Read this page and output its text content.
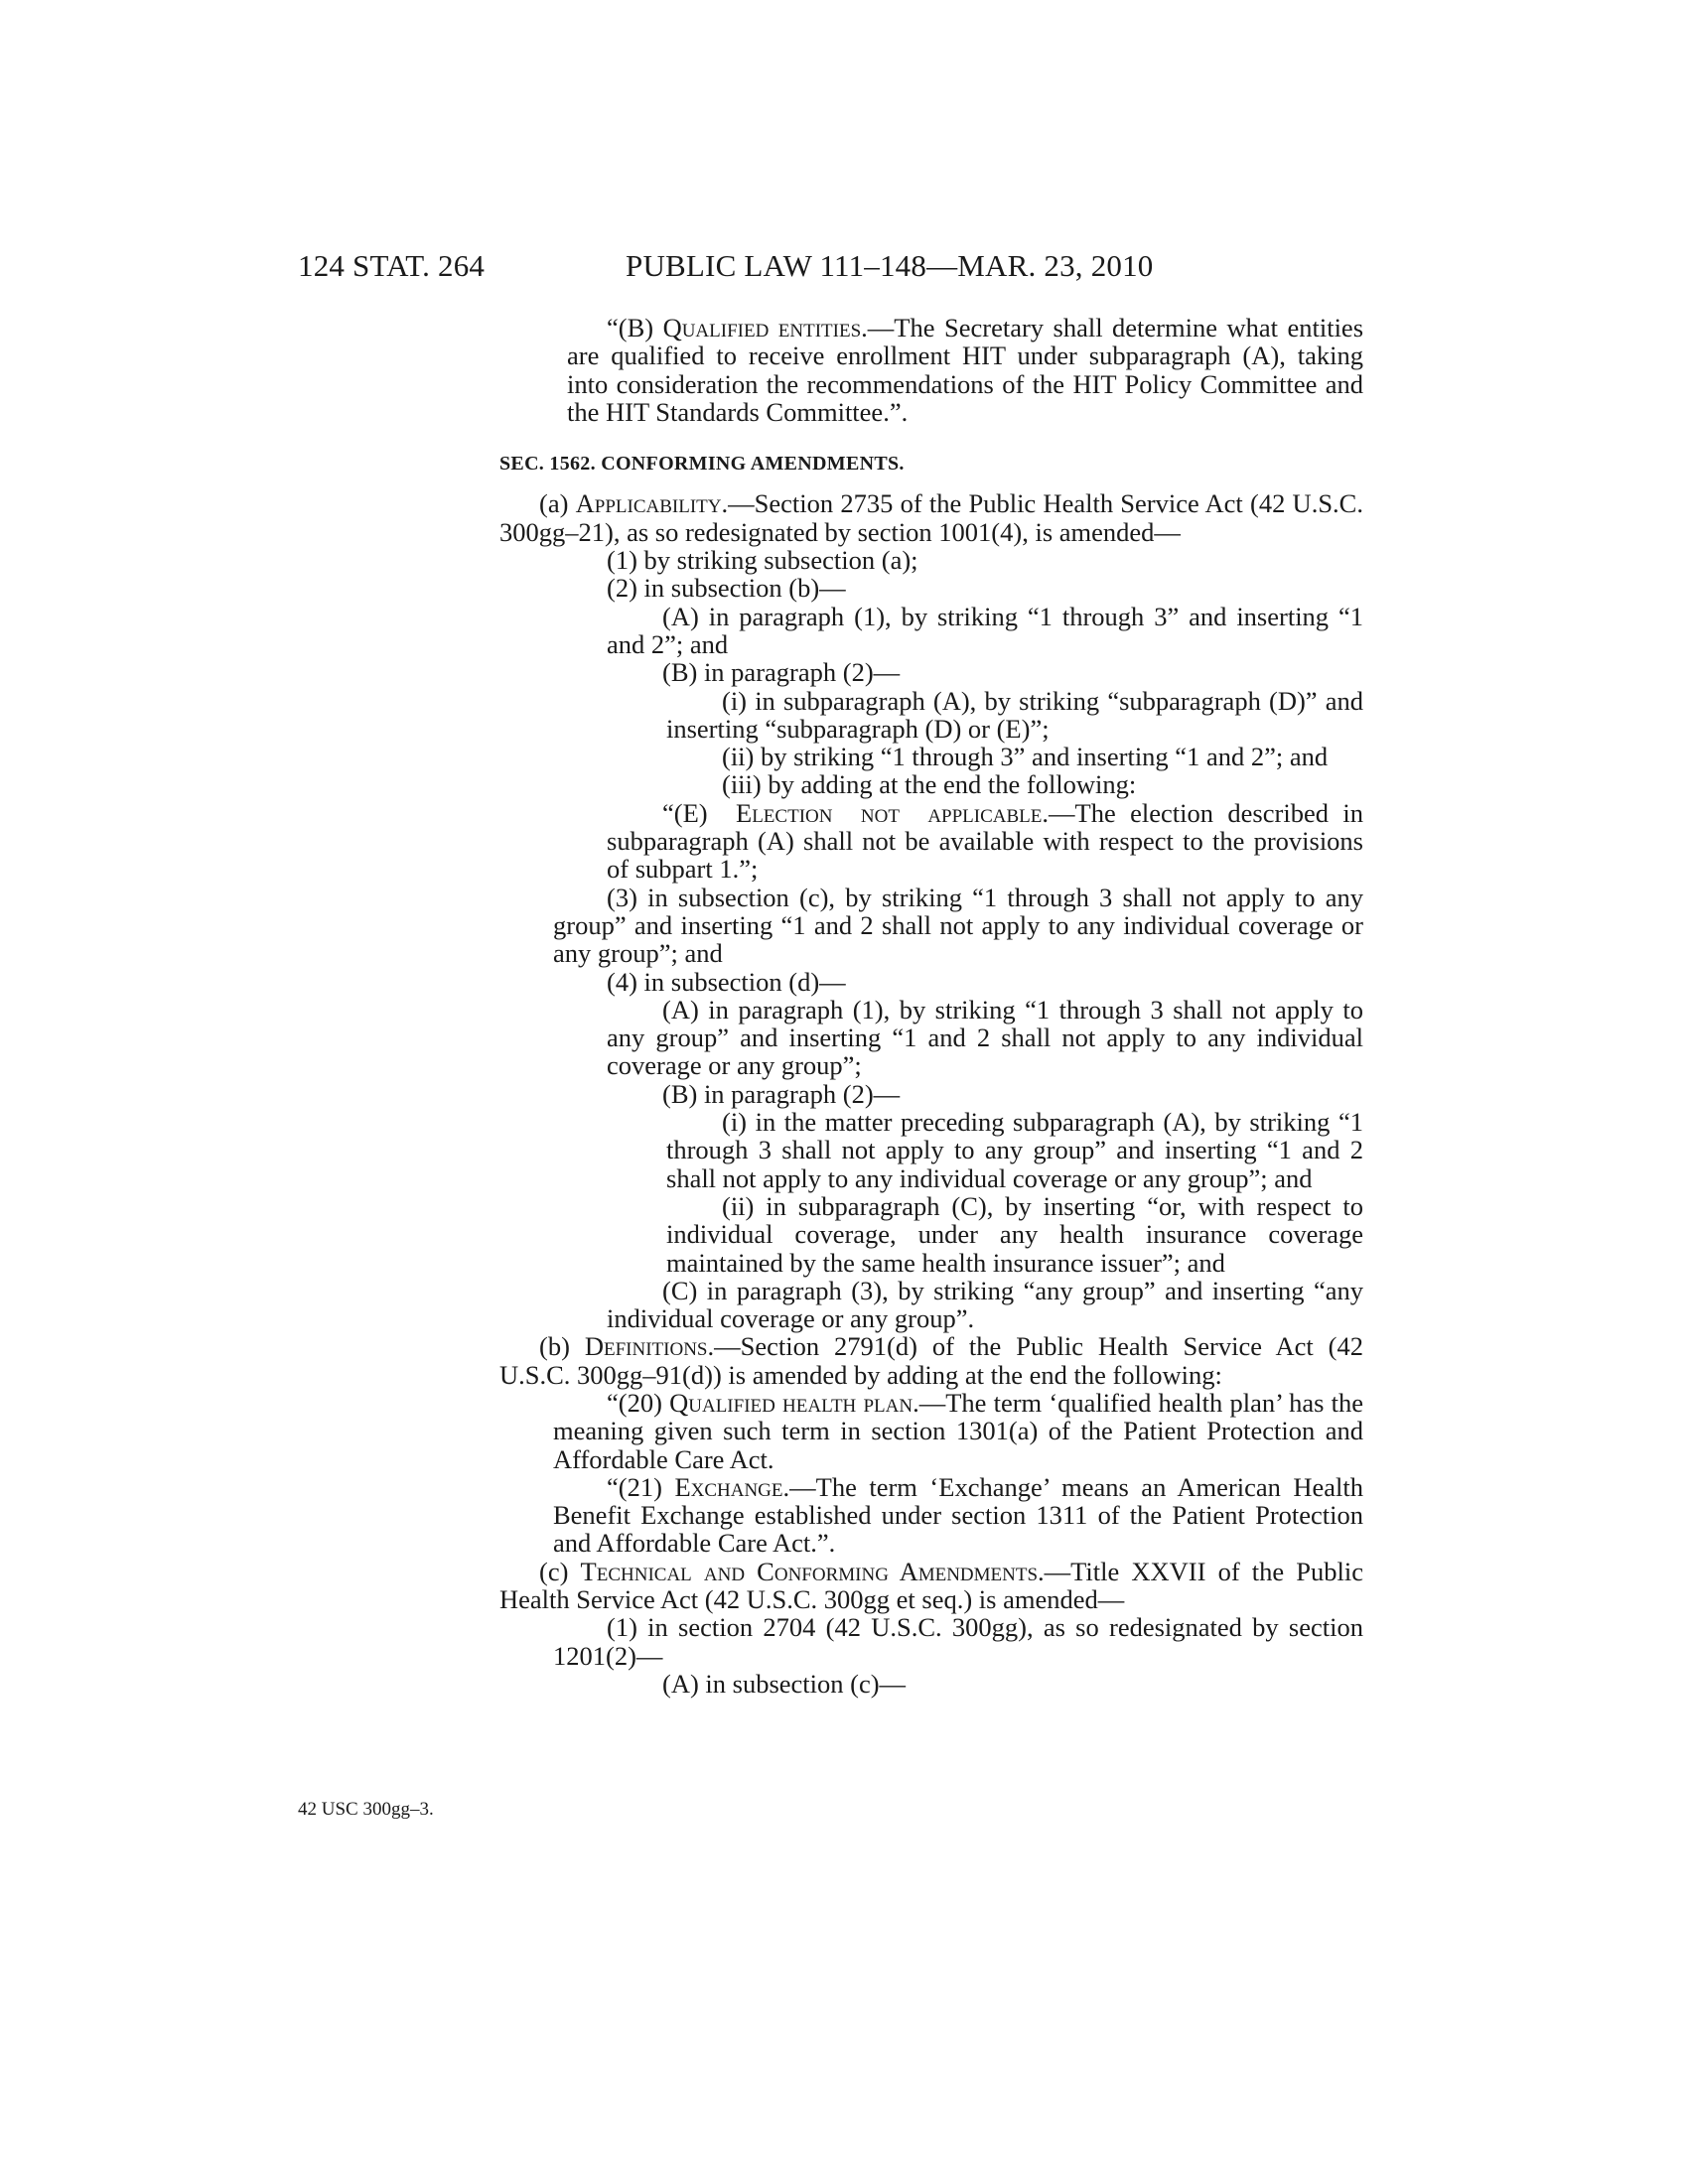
124 STAT. 264	PUBLIC LAW 111–148—MAR. 23, 2010
42 USC 300gg–3.
“(B) Qualified entities.—The Secretary shall determine what entities are qualified to receive enrollment HIT under subparagraph (A), taking into consideration the recommendations of the HIT Policy Committee and the HIT Standards Committee.”.
SEC. 1562. CONFORMING AMENDMENTS.
(a) Applicability.—Section 2735 of the Public Health Service Act (42 U.S.C. 300gg–21), as so redesignated by section 1001(4), is amended—
(1) by striking subsection (a);
(2) in subsection (b)—
(A) in paragraph (1), by striking “1 through 3” and inserting “1 and 2”; and
(B) in paragraph (2)—
(i) in subparagraph (A), by striking “subparagraph (D)” and inserting “subparagraph (D) or (E)”;
(ii) by striking “1 through 3” and inserting “1 and 2”; and
(iii) by adding at the end the following:
“(E) Election not applicable.—The election described in subparagraph (A) shall not be available with respect to the provisions of subpart 1.”;
(3) in subsection (c), by striking “1 through 3 shall not apply to any group” and inserting “1 and 2 shall not apply to any individual coverage or any group”; and
(4) in subsection (d)—
(A) in paragraph (1), by striking “1 through 3 shall not apply to any group” and inserting “1 and 2 shall not apply to any individual coverage or any group”;
(B) in paragraph (2)—
(i) in the matter preceding subparagraph (A), by striking “1 through 3 shall not apply to any group” and inserting “1 and 2 shall not apply to any individual coverage or any group”; and
(ii) in subparagraph (C), by inserting “or, with respect to individual coverage, under any health insurance coverage maintained by the same health insurance issuer”; and
(C) in paragraph (3), by striking “any group” and inserting “any individual coverage or any group”.
(b) Definitions.—Section 2791(d) of the Public Health Service Act (42 U.S.C. 300gg–91(d)) is amended by adding at the end the following:
“(20) Qualified health plan.—The term ‘qualified health plan’ has the meaning given such term in section 1301(a) of the Patient Protection and Affordable Care Act.
“(21) Exchange.—The term ‘Exchange’ means an American Health Benefit Exchange established under section 1311 of the Patient Protection and Affordable Care Act.”.
(c) Technical and Conforming Amendments.—Title XXVII of the Public Health Service Act (42 U.S.C. 300gg et seq.) is amended—
(1) in section 2704 (42 U.S.C. 300gg), as so redesignated by section 1201(2)—
(A) in subsection (c)—
